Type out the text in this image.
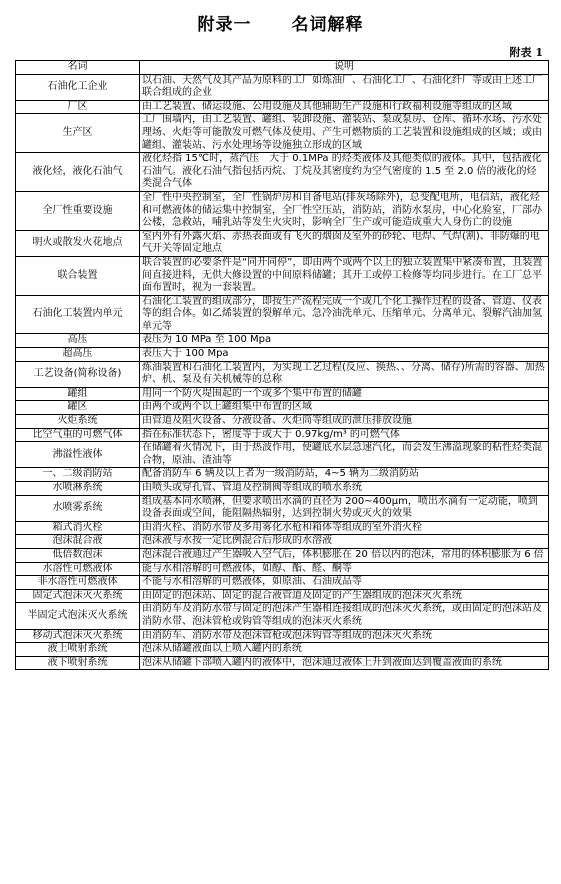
附录一 名词解释
附表 1
名词	说明
石油化工企业	以石油、天然气及其产品为原料的工厂如炼油厂、石油化工厂、石油化纤厂等或由上述工厂联合组成的企业
厂区	由工艺装置、储运设施、公用设施及其他辅助生产设施和行政福利设施等组成的区域
生产区	工厂围墙内，由工艺装置、罐组、装卸设施、灌装站、泵或泵房、仓库、循环水场、污水处理场、火炬等可能散发可燃气体及使用、产生可燃物质的工艺装置和设施组成的区域；或由罐组、灌装站、污水处理场等设施独立形成的区域
液化烃，液化石油气	液化烃指 15℃时，蒸汽压　大于 0.1MPa 的烃类液体及其他类似的液体。其中，包括液化石油气。液化石油气指包括丙烷、丁烷及其密度约为空气密度的 1.5 至 2.0 倍的液化的烃类混合气体
全厂性重要设施	全厂性中央控制室，全厂性锅炉房和自备电站(排灰场除外)，总变配电所，电信站，液化烃和可燃液体的储运集中控制室，全厂性空压站，消防站，消防水泵房，中心化验室，厂部办公楼，急救站，哺乳站等发生火灾时，影响全厂生产或可能造成重大人身伤亡的设施
明火或散发火花地点	室内外有外露火焰、赤热表面或有飞火的烟囱及室外的砂轮、电焊、气焊(割)、非防爆的电气开关等固定地点
联合装置	联合装置的必要条件是“同开同停”，即由两个或两个以上的独立装置集中紧凑布置，且装置间直接进料，无供大修设置的中间原料储罐；其开工或停工检修等均同步进行。在工厂总平面布置时，视为一套装置。
石油化工装置内单元	石油化工装置的组成部分，即按生产流程完成一个或几个化工操作过程的设备、管道、仪表等的组合体。如乙烯装置的裂解单元、急冷油洗单元、压缩单元、分离单元、裂解汽油加氢单元等
高压	表压为 10 MPa 至 100 Mpa
超高压	表压大于 100 Mpa
工艺设备(简称设备)	炼油装置和石油化工装置内，为实现工艺过程(反应、换热、、分离、储存)所需的容器、加热炉、机、泵及有关机械等的总称
罐组	用同一个防火堤围起的一个或多个集中布置的储罐
罐区	由两个或两个以上罐组集中布置的区域
火炬系统	由管道及阻火设备、分液设备、火炬筒等组成的泄压排放设施
比空气重的可燃气体	指在标准状态下，密度等于或大于 0.97kg/m³ 的可燃气体
沸溢性液体	在储罐着火情况下，由于热波作用，使罐底水层急速汽化，而会发生沸溢现象的粘性烃类混合物，原油、渣油等
一、二级消防站	配备消防车 6 辆及以上者为一级消防站，4~5 辆为二级消防站
水喷淋系统	由喷头或穿孔管、管道及控制阀等组成的喷水系统
水喷雾系统	组成基本同水喷淋，但要求喷出水滴的直径为 200~400μm，喷出水滴有一定动能，喷到设备表面或空间，能阻隔热辐射，达到控制火势或灭火的效果
箱式消火栓	由消火栓、消防水带及多用雾化水枪和箱体等组成的室外消火栓
泡沫混合液	泡沫液与水按一定比例混合后形成的水溶液
低倍数泡沫	泡沫混合液通过产生器吸入空气后，体积膨胀在 20 倍以内的泡沫，常用的体积膨胀为 6 倍
水溶性可燃液体	能与水相溶解的可燃液体，如醇、酯、醛、酮等
非水溶性可燃液体	不能与水相溶解的可燃液体，如原油、石油成品等
固定式泡沫灭火系统	由固定的泡沫站、固定的混合液管道及固定的产生器组成的泡沫灭火系统
半固定式泡沫灭火系统	由消防车及消防水带与固定的泡沫产生器相连接组成的泡沫灭火系统，或由固定的泡沫站及消防水带、泡沫管枪或钩管等组成的泡沫灭火系统
移动式泡沫灭火系统	由消防车、消防水带及泡沫管枪或泡沫钩管等组成的泡沫灭火系统
液上喷射系统	泡沫从储罐液面以上喷入罐内的系统
液下喷射系统	泡沫从储罐下部喷入罐内的液体中，泡沫通过液体上升到液面达到覆盖液面的系统
